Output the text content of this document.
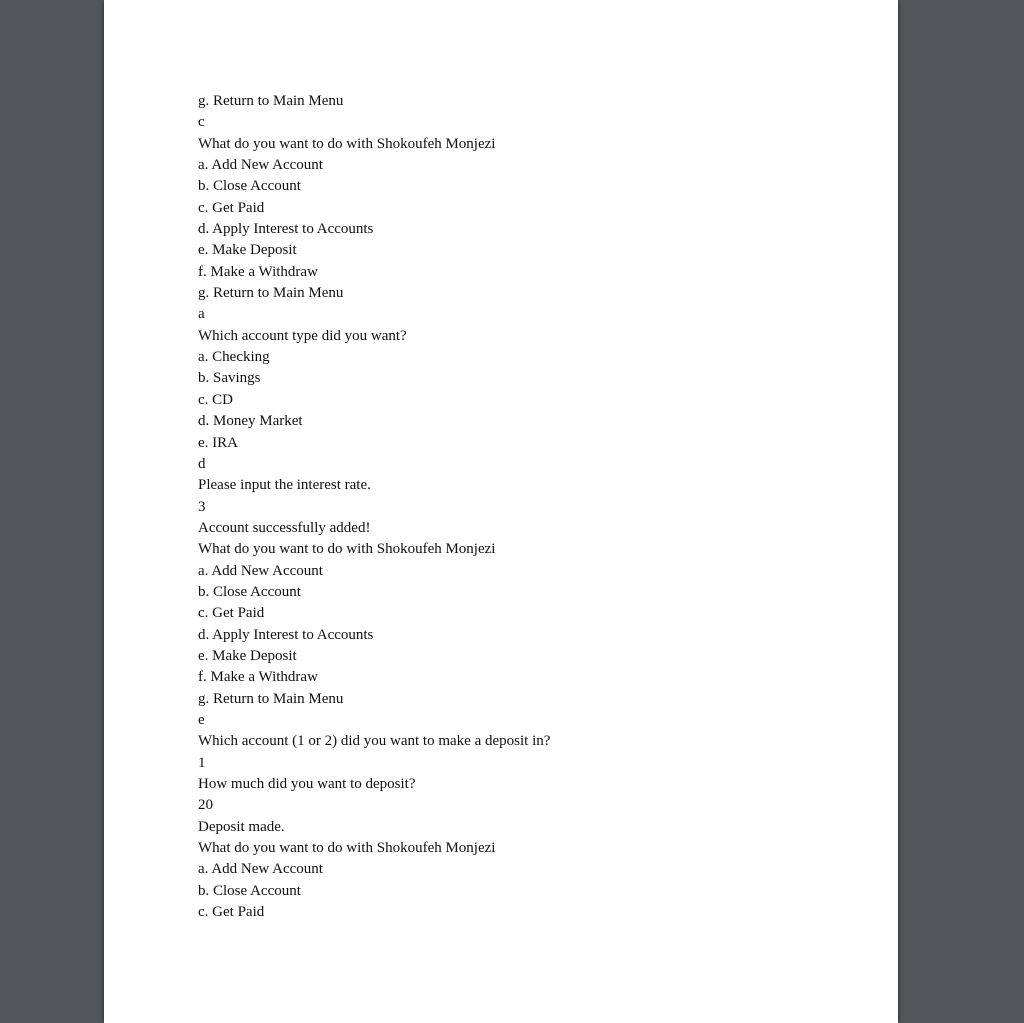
g. Return to Main Menu
c
What do you want to do with Shokoufeh Monjezi
a. Add New Account
b. Close Account
c. Get Paid
d. Apply Interest to Accounts
e. Make Deposit
f. Make a Withdraw
g. Return to Main Menu
a
Which account type did you want?
a. Checking
b. Savings
c. CD
d. Money Market
e. IRA
d
Please input the interest rate.
3
Account successfully added!
What do you want to do with Shokoufeh Monjezi
a. Add New Account
b. Close Account
c. Get Paid
d. Apply Interest to Accounts
e. Make Deposit
f. Make a Withdraw
g. Return to Main Menu
e
Which account (1 or 2) did you want to make a deposit in?
1
How much did you want to deposit?
20
Deposit made.
What do you want to do with Shokoufeh Monjezi
a. Add New Account
b. Close Account
c. Get Paid
